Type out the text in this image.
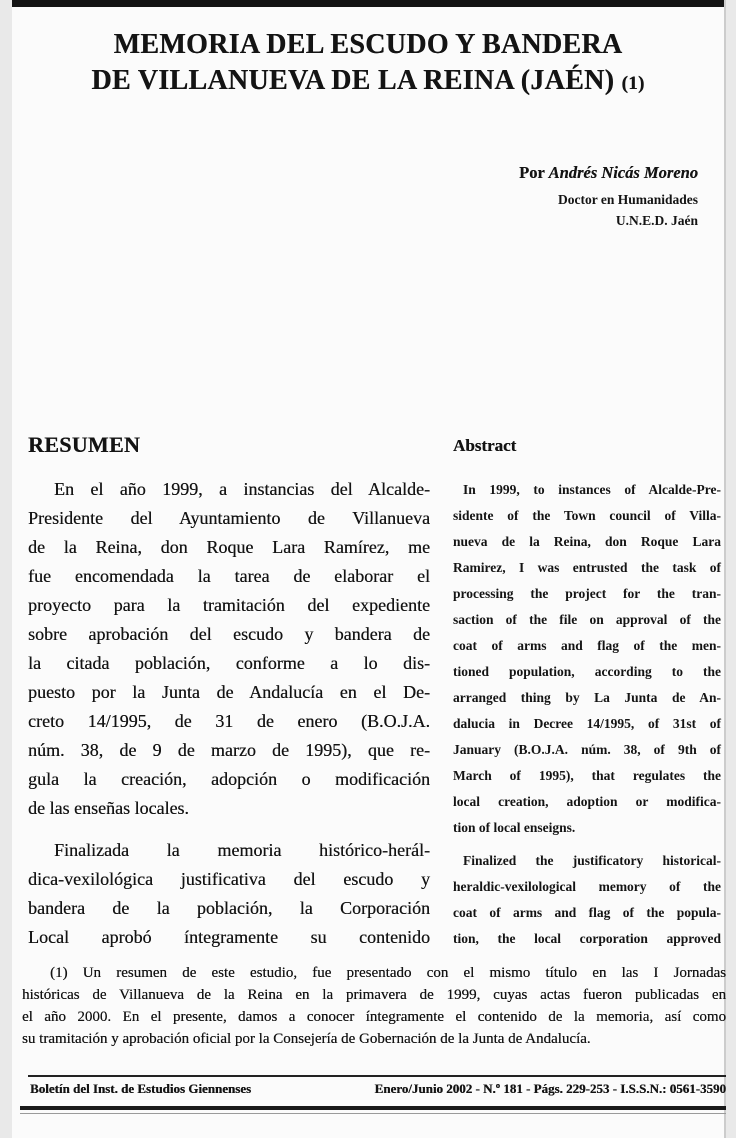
MEMORIA DEL ESCUDO Y BANDERA
DE VILLANUEVA DE LA REINA (JAÉN) (1)
Por Andrés Nicás Moreno
Doctor en Humanidades
U.N.E.D. Jaén
RESUMEN
En el año 1999, a instancias del Alcalde-
Presidente del Ayuntamiento de Villanueva
de la Reina, don Roque Lara Ramírez, me
fue encomendada la tarea de elaborar el
proyecto para la tramitación del expediente
sobre aprobación del escudo y bandera de
la citada población, conforme a lo dis-
puesto por la Junta de Andalucía en el De-
creto 14/1995, de 31 de enero (B.O.J.A.
núm. 38, de 9 de marzo de 1995), que re-
gula la creación, adopción o modificación
de las enseñas locales.
Finalizada la memoria histórico-herál-
dica-vexilológica justificativa del escudo y
bandera de la población, la Corporación
Local aprobó íntegramente su contenido
Abstract
In 1999, to instances of Alcalde-Pre-
sidente of the Town council of Villa-
nueva de la Reina, don Roque Lara
Ramirez, I was entrusted the task of
processing the project for the tran-
saction of the file on approval of the
coat of arms and flag of the men-
tioned population, according to the
arranged thing by La Junta de An-
dalucia in Decree 14/1995, of 31st of
January (B.O.J.A. núm. 38, of 9th of
March of 1995), that regulates the
local creation, adoption or modifica-
tion of local enseigns.
Finalized the justificatory historical-
heraldic-vexilological memory of the
coat of arms and flag of the popula-
tion, the local corporation approved
(1) Un resumen de este estudio, fue presentado con el mismo título en las I Jornadas
históricas de Villanueva de la Reina en la primavera de 1999, cuyas actas fueron publicadas en
el año 2000. En el presente, damos a conocer íntegramente el contenido de la memoria, así como
su tramitación y aprobación oficial por la Consejería de Gobernación de la Junta de Andalucía.
Boletín del Inst. de Estudios Giennenses	Enero/Junio 2002 - N.º 181 - Págs. 229-253 - I.S.S.N.: 0561-3590
